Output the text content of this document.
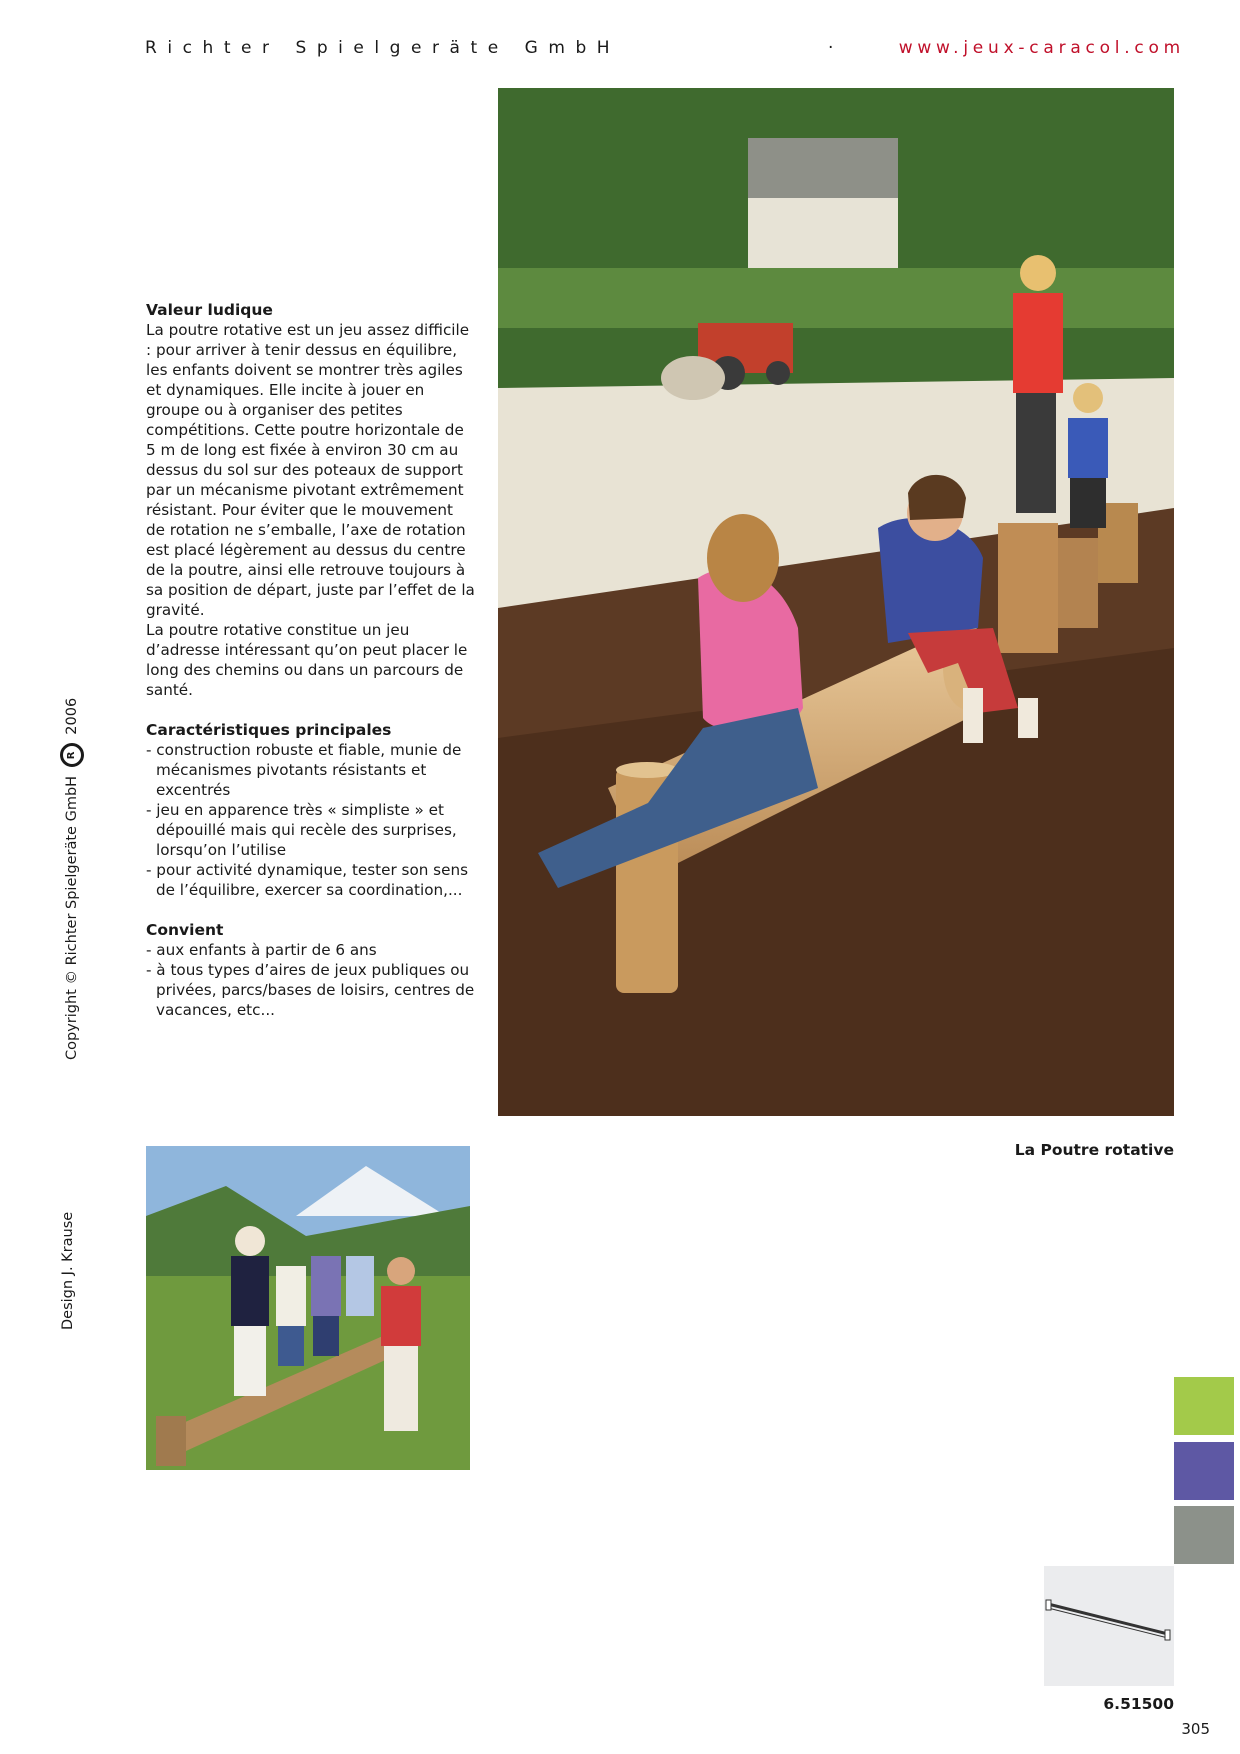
Richter Spielgeräte GmbH	·	www.jeux-caracol.com
Copyright © Richter Spielgeräte GmbH R 2006
Design J. Krause
Valeur ludique

La poutre rotative est un jeu assez difficile : pour arriver à tenir dessus en équilibre, les enfants doivent se montrer très agiles et dynamiques. Elle incite à jouer en groupe ou à organiser des petites compétitions. Cette poutre horizontale de 5 m de long est fixée à environ 30 cm au dessus du sol sur des poteaux de support par un mécanisme pivotant extrêmement résistant. Pour éviter que le mouvement de rotation ne s’emballe, l’axe de rotation est placé légèrement au dessus du centre de la poutre, ainsi elle retrouve toujours à sa position de départ, juste par l’effet de la gravité.

La poutre rotative constitue un jeu d’adresse intéressant qu’on peut placer le long des chemins ou dans un parcours de santé.

Caractéristiques principales
- construction robuste et fiable, munie de mécanismes pivotants résistants et excentrés
- jeu en apparence très « simpliste » et dépouillé mais qui recèle des surprises, lorsqu’on l’utilise
- pour activité dynamique, tester son sens de l’équilibre, exercer sa coordination,...
Convient
- aux enfants à partir de 6 ans
- à tous types d’aires de jeux publiques ou privées, parcs/bases de loisirs, centres de vacances, etc...
La Poutre rotative
6.51500
305
